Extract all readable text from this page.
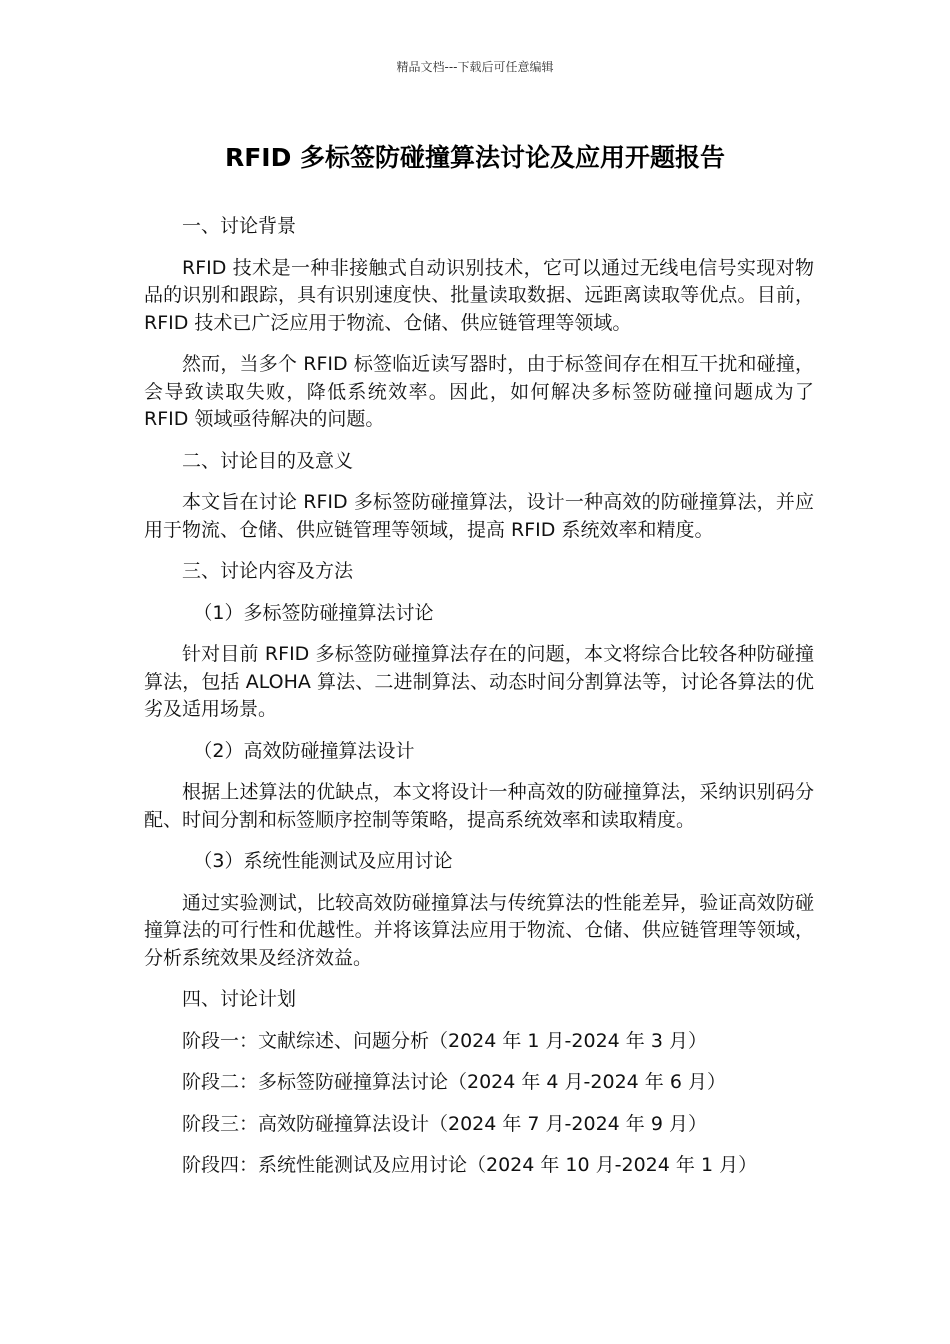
精品文档---下载后可任意编辑
RFID 多标签防碰撞算法讨论及应用开题报告

一、讨论背景

RFID 技术是一种非接触式自动识别技术，它可以通过无线电信号实现对物品的识别和跟踪，具有识别速度快、批量读取数据、远距离读取等优点。目前，RFID 技术已广泛应用于物流、仓储、供应链管理等领域。

然而，当多个 RFID 标签临近读写器时，由于标签间存在相互干扰和碰撞，会导致读取失败，降低系统效率。因此，如何解决多标签防碰撞问题成为了 RFID 领域亟待解决的问题。

二、讨论目的及意义

本文旨在讨论 RFID 多标签防碰撞算法，设计一种高效的防碰撞算法，并应用于物流、仓储、供应链管理等领域，提高 RFID 系统效率和精度。

三、讨论内容及方法

（1）多标签防碰撞算法讨论

针对目前 RFID 多标签防碰撞算法存在的问题，本文将综合比较各种防碰撞算法，包括 ALOHA 算法、二进制算法、动态时间分割算法等，讨论各算法的优劣及适用场景。

（2）高效防碰撞算法设计

根据上述算法的优缺点，本文将设计一种高效的防碰撞算法，采纳识别码分配、时间分割和标签顺序控制等策略，提高系统效率和读取精度。

（3）系统性能测试及应用讨论

通过实验测试，比较高效防碰撞算法与传统算法的性能差异，验证高效防碰撞算法的可行性和优越性。并将该算法应用于物流、仓储、供应链管理等领域，分析系统效果及经济效益。

四、讨论计划

阶段一：文献综述、问题分析（2024 年 1 月-2024 年 3 月）

阶段二：多标签防碰撞算法讨论（2024 年 4 月-2024 年 6 月）

阶段三：高效防碰撞算法设计（2024 年 7 月-2024 年 9 月）

阶段四：系统性能测试及应用讨论（2024 年 10 月-2024 年 1 月）
